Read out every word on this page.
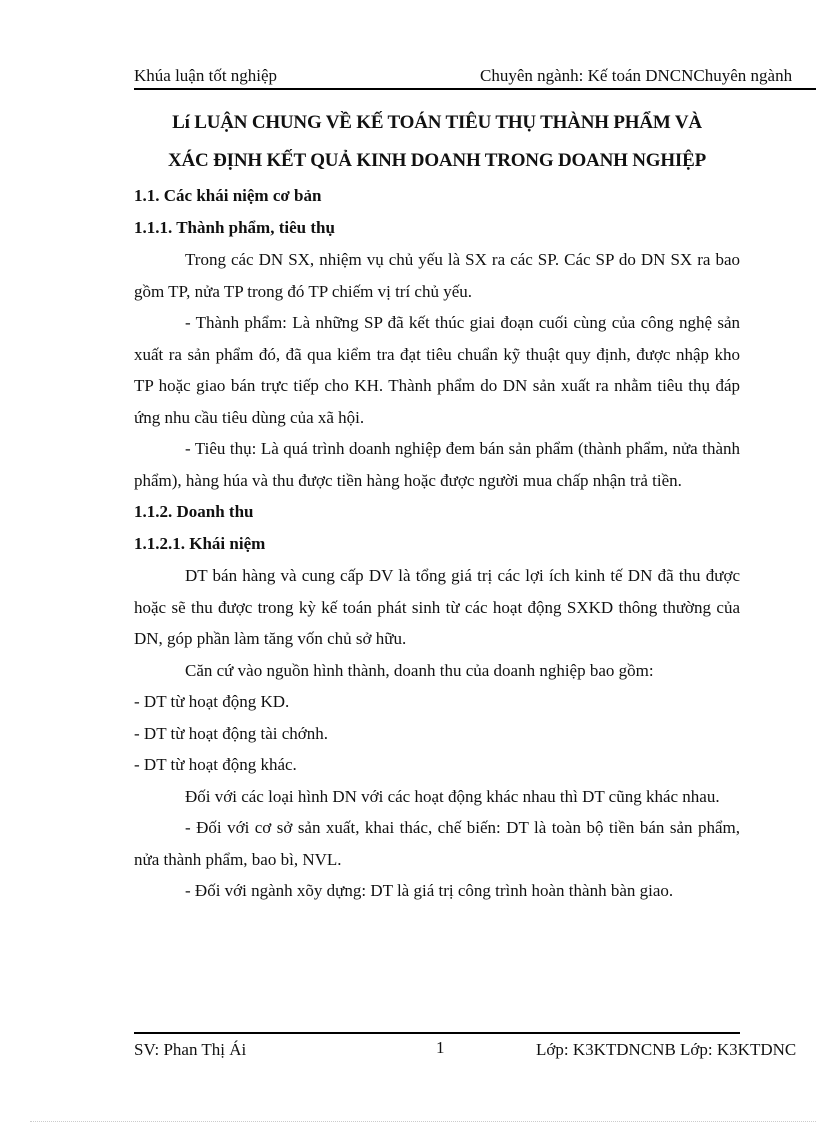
Khúa luận tốt nghiệp	Chuyên ngành: Kế toán DNCNChuyên ngành
Lí LUẬN CHUNG VỀ KẾ TOÁN TIÊU THỤ THÀNH PHẨM VÀ
XÁC ĐỊNH KẾT QUẢ KINH DOANH TRONG DOANH NGHIỆP
1.1. Các khái niệm cơ bản
1.1.1. Thành phẩm, tiêu thụ

Trong các DN SX, nhiệm vụ chủ yếu là SX ra các SP. Các SP do DN SX ra bao gồm TP, nửa TP trong đó TP chiếm vị trí chủ yếu.

- Thành phẩm: Là những SP đã kết thúc giai đoạn cuối cùng của công nghệ sản xuất ra sản phẩm đó, đã qua kiểm tra đạt tiêu chuẩn kỹ thuật quy định, được nhập kho TP hoặc giao bán trực tiếp cho KH. Thành phẩm do DN sản xuất ra nhằm tiêu thụ đáp ứng nhu cầu tiêu dùng của xã hội.

- Tiêu thụ: Là quá trình doanh nghiệp đem bán sản phẩm (thành phẩm, nửa thành phẩm), hàng húa và thu được tiền hàng hoặc được người mua chấp nhận trả tiền.

1.1.2. Doanh thu
1.1.2.1. Khái niệm

DT bán hàng và cung cấp DV là tổng giá trị các lợi ích kinh tế DN đã thu được hoặc sẽ thu được trong kỳ kế toán phát sinh từ các hoạt động SXKD thông thường của DN, góp phần làm tăng vốn chủ sở hữu.

Căn cứ vào nguồn hình thành, doanh thu của doanh nghiệp bao gồm:

- DT từ hoạt động KD.

- DT từ hoạt động tài chớnh.

- DT từ hoạt động khác.

Đối với các loại hình DN với các hoạt động khác nhau thì DT cũng khác nhau.

- Đối với cơ sở sản xuất, khai thác, chế biến: DT là toàn bộ tiền bán sản phẩm, nửa thành phẩm, bao bì, NVL.

- Đối với ngành xõy dựng: DT là giá trị công trình hoàn thành bàn giao.

SV: Phan Thị Ái	1	Lớp: K3KTDNCNB Lớp: K3KTDNC
